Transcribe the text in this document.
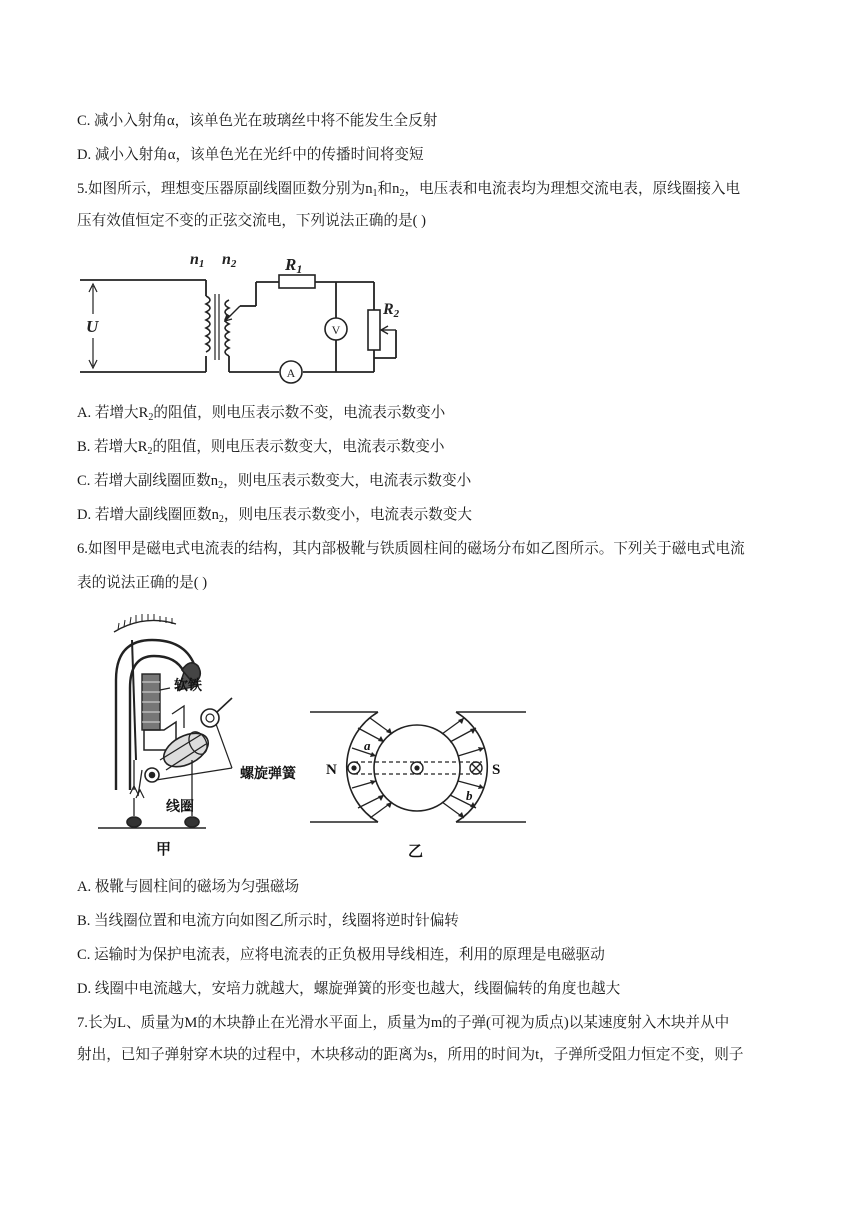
C. 减小入射角α，该单色光在玻璃丝中将不能发生全反射
D. 减小入射角α，该单色光在光纤中的传播时间将变短
5.如图所示，理想变压器原副线圈匝数分别为$n_1$和$n_2$，电压表和电流表均为理想交流电表，原线圈接入电
压有效值恒定不变的正弦交流电，下列说法正确的是( )
U
n1 n2	R1
R2
V
A
A. 若增大$R_2$的阻值，则电压表示数不变，电流表示数变小
B. 若增大$R_2$的阻值，则电压表示数变大，电流表示数变小
C. 若增大副线圈匝数$n_2$，则电压表示数变大，电流表示数变小
D. 若增大副线圈匝数$n_2$，则电压表示数变小，电流表示数变大
6.如图甲是磁电式电流表的结构，其内部极靴与铁质圆柱间的磁场分布如乙图所示。下列关于磁电式电流
表的说法正确的是( )
软铁
螺旋弹簧
线圈
甲
N	S
a
b
乙
A. 极靴与圆柱间的磁场为匀强磁场
B. 当线圈位置和电流方向如图乙所示时，线圈将逆时针偏转
C. 运输时为保护电流表，应将电流表的正负极用导线相连，利用的原理是电磁驱动
D. 线圈中电流越大，安培力就越大，螺旋弹簧的形变也越大，线圈偏转的角度也越大
7.长为L、质量为M的木块静止在光滑水平面上，质量为m的子弹(可视为质点)以某速度射入木块并从中
射出，已知子弹射穿木块的过程中，木块移动的距离为s，所用的时间为t，子弹所受阻力恒定不变，则子
